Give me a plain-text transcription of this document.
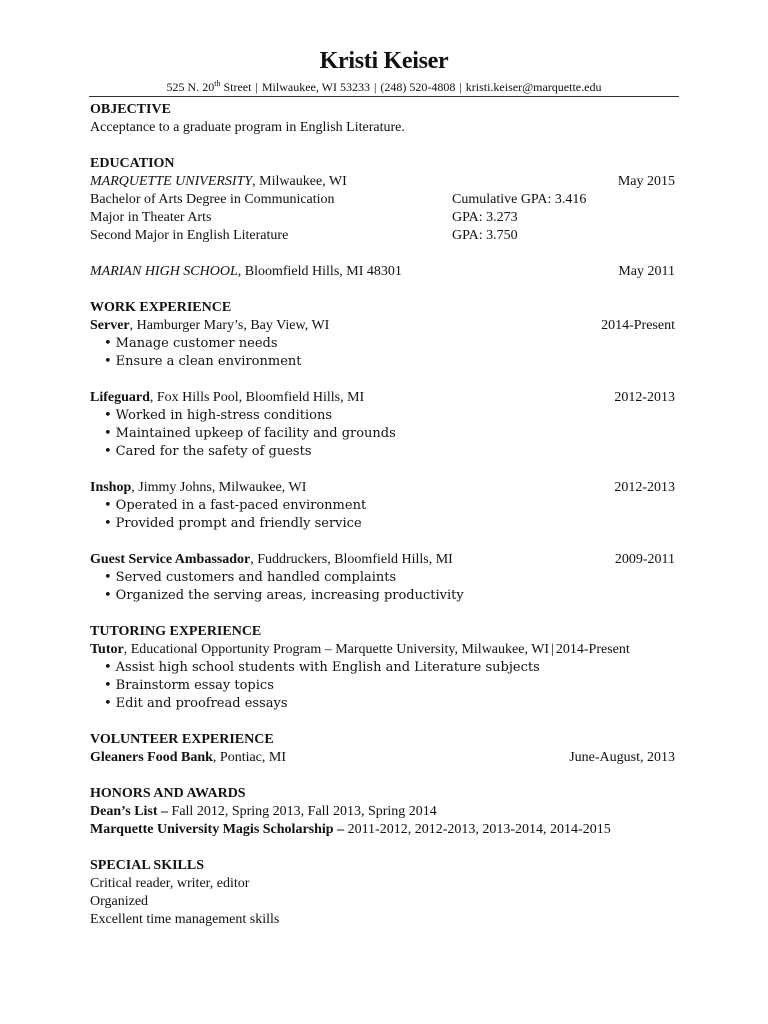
Kristi Keiser
525 N. 20th Street | Milwaukee, WI 53233 | (248) 520-4808 | kristi.keiser@marquette.edu
OBJECTIVE
Acceptance to a graduate program in English Literature.
EDUCATION
MARQUETTE UNIVERSITY, Milwaukee, WI	May 2015
Bachelor of Arts Degree in Communication	Cumulative GPA: 3.416
Major in Theater Arts	GPA: 3.273
Second Major in English Literature	GPA: 3.750
MARIAN HIGH SCHOOL, Bloomfield Hills, MI 48301	May 2011
WORK EXPERIENCE
Server, Hamburger Mary’s, Bay View, WI	2014-Present
• Manage customer needs
• Ensure a clean environment
Lifeguard, Fox Hills Pool, Bloomfield Hills, MI	2012-2013
• Worked in high-stress conditions
• Maintained upkeep of facility and grounds
• Cared for the safety of guests
Inshop, Jimmy Johns, Milwaukee, WI	2012-2013
• Operated in a fast-paced environment
• Provided prompt and friendly service
Guest Service Ambassador, Fuddruckers, Bloomfield Hills, MI	2009-2011
• Served customers and handled complaints
• Organized the serving areas, increasing productivity
TUTORING EXPERIENCE
Tutor, Educational Opportunity Program – Marquette University, Milwaukee, WI | 2014-Present
• Assist high school students with English and Literature subjects
• Brainstorm essay topics
• Edit and proofread essays
VOLUNTEER EXPERIENCE
Gleaners Food Bank, Pontiac, MI	June-August, 2013
HONORS AND AWARDS
Dean’s List – Fall 2012, Spring 2013, Fall 2013, Spring 2014
Marquette University Magis Scholarship – 2011-2012, 2012-2013, 2013-2014, 2014-2015
SPECIAL SKILLS
Critical reader, writer, editor
Organized
Excellent time management skills
